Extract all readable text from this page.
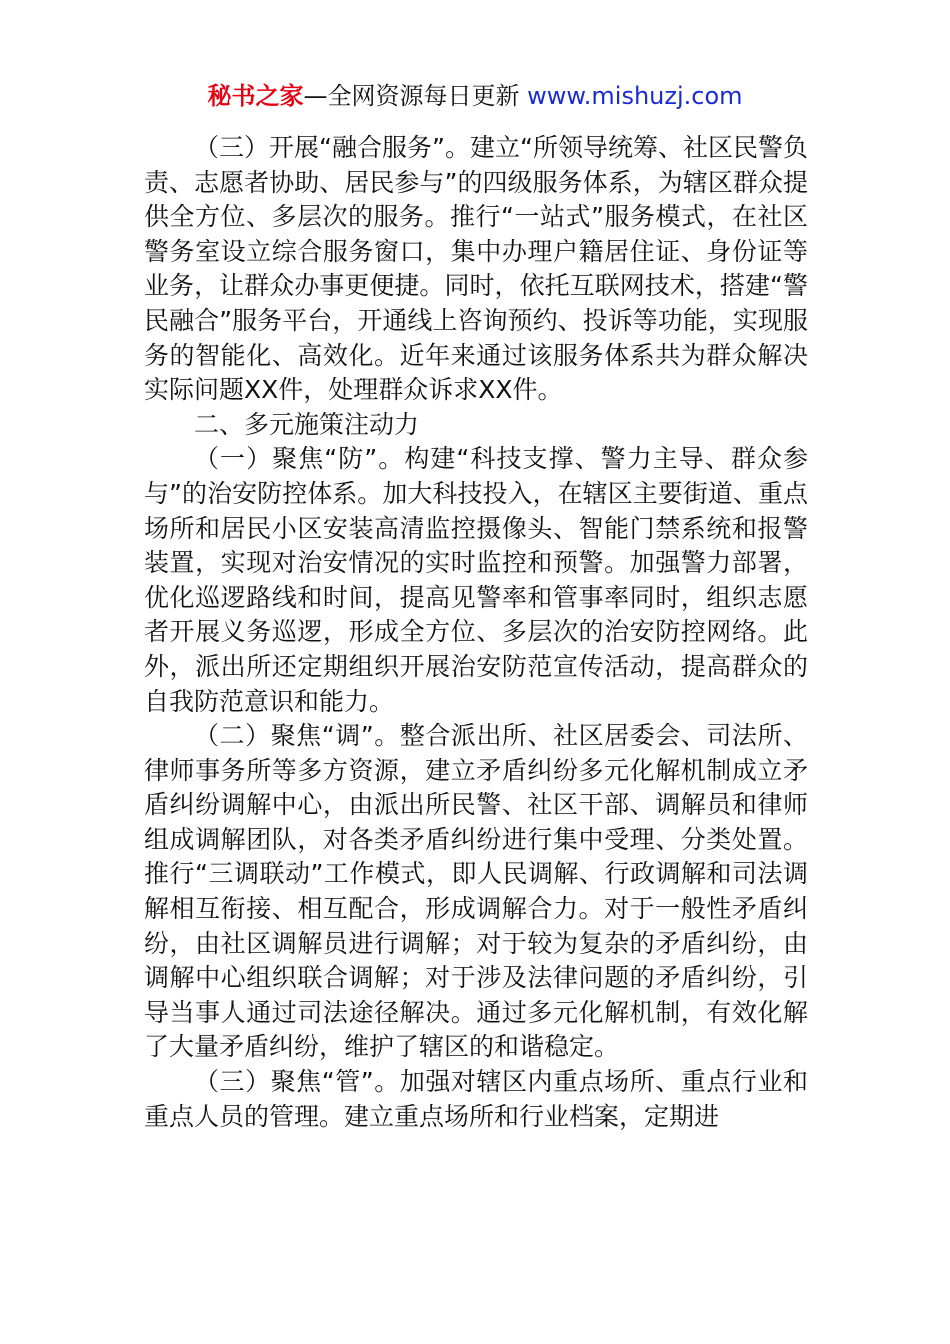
秘书之家—全网资源每日更新 www.mishuzj.com

（三）开展“融合服务”。建立“所领导统筹、社区民警负责、志愿者协助、居民参与”的四级服务体系，为辖区群众提供全方位、多层次的服务。推行“一站式”服务模式，在社区警务室设立综合服务窗口，集中办理户籍居住证、身份证等业务，让群众办事更便捷。同时，依托互联网技术，搭建“警民融合”服务平台，开通线上咨询预约、投诉等功能，实现服务的智能化、高效化。近年来通过该服务体系共为群众解决实际问题XX件，处理群众诉求XX件。

二、多元施策注动力

（一）聚焦“防”。构建“科技支撑、警力主导、群众参与”的治安防控体系。加大科技投入，在辖区主要街道、重点场所和居民小区安装高清监控摄像头、智能门禁系统和报警装置，实现对治安情况的实时监控和预警。加强警力部署，优化巡逻路线和时间，提高见警率和管事率同时，组织志愿者开展义务巡逻，形成全方位、多层次的治安防控网络。此外，派出所还定期组织开展治安防范宣传活动，提高群众的自我防范意识和能力。

（二）聚焦“调”。整合派出所、社区居委会、司法所、律师事务所等多方资源，建立矛盾纠纷多元化解机制成立矛盾纠纷调解中心，由派出所民警、社区干部、调解员和律师组成调解团队，对各类矛盾纠纷进行集中受理、分类处置。推行“三调联动”工作模式，即人民调解、行政调解和司法调解相互衔接、相互配合，形成调解合力。对于一般性矛盾纠纷，由社区调解员进行调解；对于较为复杂的矛盾纠纷，由调解中心组织联合调解；对于涉及法律问题的矛盾纠纷，引导当事人通过司法途径解决。通过多元化解机制，有效化解了大量矛盾纠纷，维护了辖区的和谐稳定。

（三）聚焦“管”。加强对辖区内重点场所、重点行业和重点人员的管理。建立重点场所和行业档案，定期进
